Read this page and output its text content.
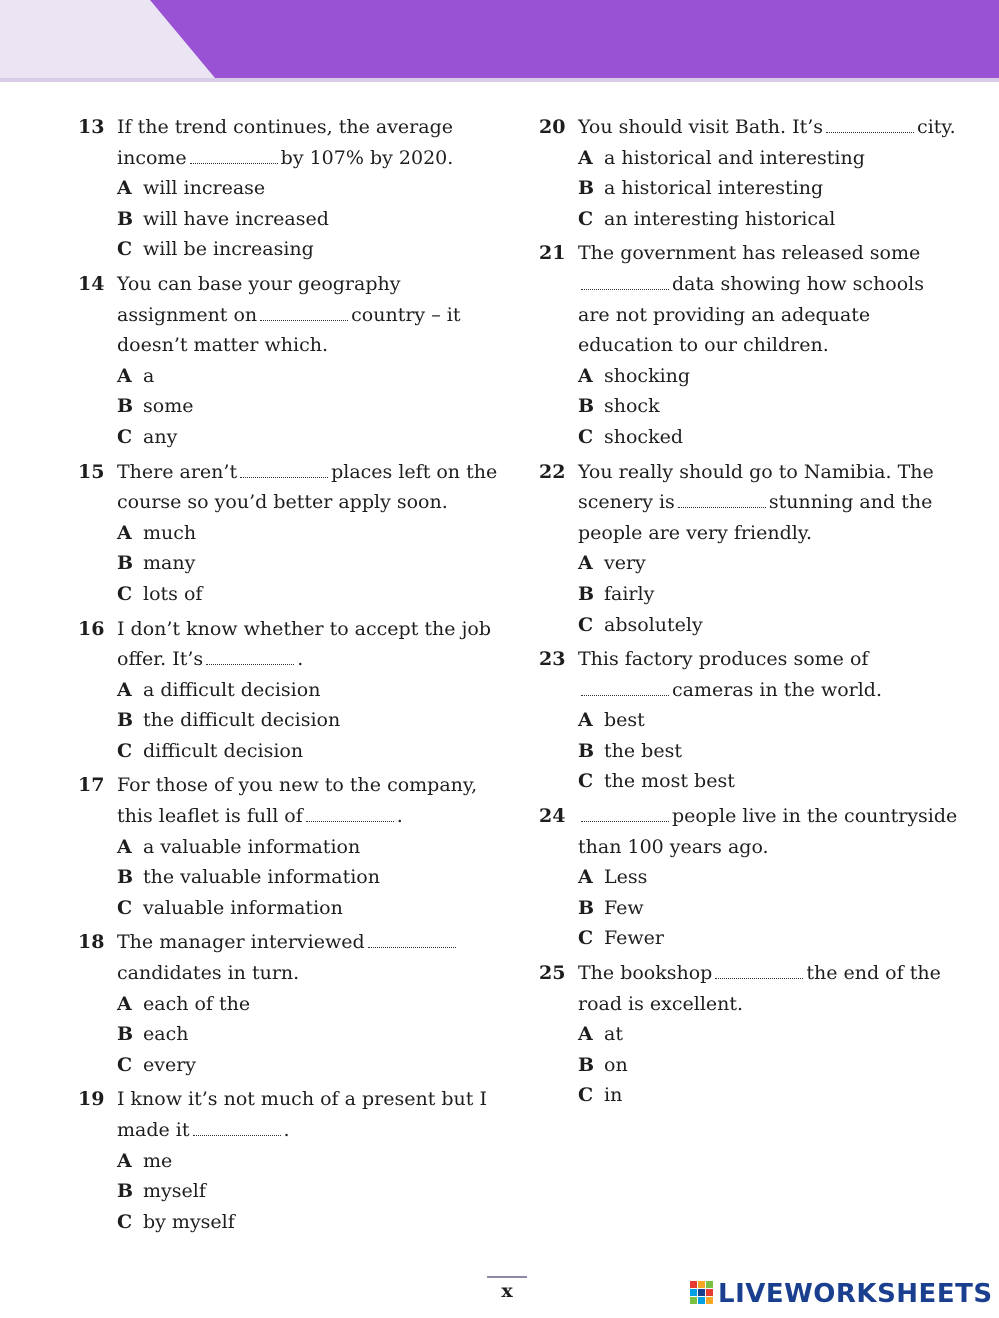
13 If the trend continues, the average income	by 107% by 2020.
A will increase
B will have increased
C will be increasing
14 You can base your geography assignment on	country – it doesn’t matter which.
A a
B some
C any
15 There aren’t	places left on the course so you’d better apply soon.
A much
B many
C lots of
16 I don’t know whether to accept the job offer. It’s	.
A a difficult decision
B the difficult decision
C difficult decision
17 For those of you new to the company, this leaflet is full of	.
A a valuable information
B the valuable information
C valuable information
18 The manager interviewedcandidates in turn.
A each of the
B each
C every
19 I know it’s not much of a present but I made it	.
A me
B myself
C by myself
20 You should visit Bath. It’s	city.
A a historical and interesting
B a historical interesting
C an interesting historical
21 The government has released somedata showing how schools are not providing an adequate education to our children.
A shocking
B shock
C shocked
22 You really should go to Namibia. The scenery is	stunning and the people are very friendly.
A very
B fairly
C absolutely
23 This factory produces some ofcameras in the world.
A best
B the best
C the most best
24	people live in the countryside than 100 years ago.
A Less
B Few
C Fewer
25 The bookshop	the end of the road is excellent.
A at
B on
C in
x	LIVEWORKSHEETS
